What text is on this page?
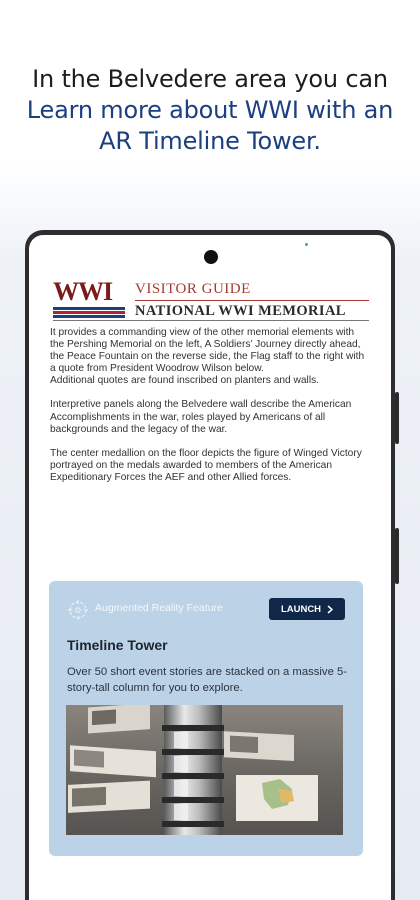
In the Belvedere area you can Learn more about WWI with an AR Timeline Tower.
WWI VISITOR GUIDE
NATIONAL WWI MEMORIAL

It provides a commanding view of the other memorial elements with the Pershing Memorial on the left, A Soldiers’ Journey directly ahead, the Peace Fountain on the reverse side, the Flag staff to the right with a quote from President Woodrow Wilson below.
Additional quotes are found inscribed on planters and walls.

Interpretive panels along the Belvedere wall describe the American Accomplishments in the war, roles played by Americans of all backgrounds and the legacy of the war.

The center medallion on the floor depicts the figure of Winged Victory portrayed on the medals awarded to members of the American Expeditionary Forces the AEF and other Allied forces.

Augmented Reality Feature	LAUNCH
Timeline Tower
Over 50 short event stories are stacked on a massive 5-story-tall column for you to explore.
